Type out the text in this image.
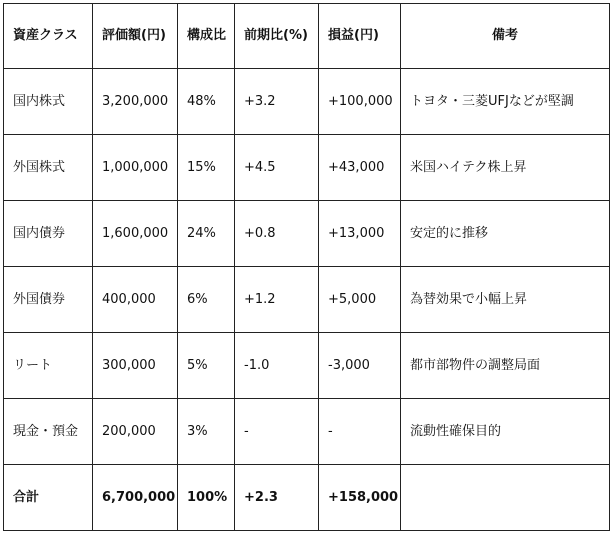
資産クラス	評価額(円)	構成比	前期比(%)	損益(円)	備考
国内株式	3,200,000	48%	+3.2	+100,000	トヨタ・三菱UFJなどが堅調
外国株式	1,000,000	15%	+4.5	+43,000	米国ハイテク株上昇
国内債券	1,600,000	24%	+0.8	+13,000	安定的に推移
外国債券	400,000	6%	+1.2	+5,000	為替効果で小幅上昇
リート	300,000	5%	-1.0	-3,000	都市部物件の調整局面
現金・預金	200,000	3%	-	-	流動性確保目的
合計	6,700,000	100%	+2.3	+158,000	
